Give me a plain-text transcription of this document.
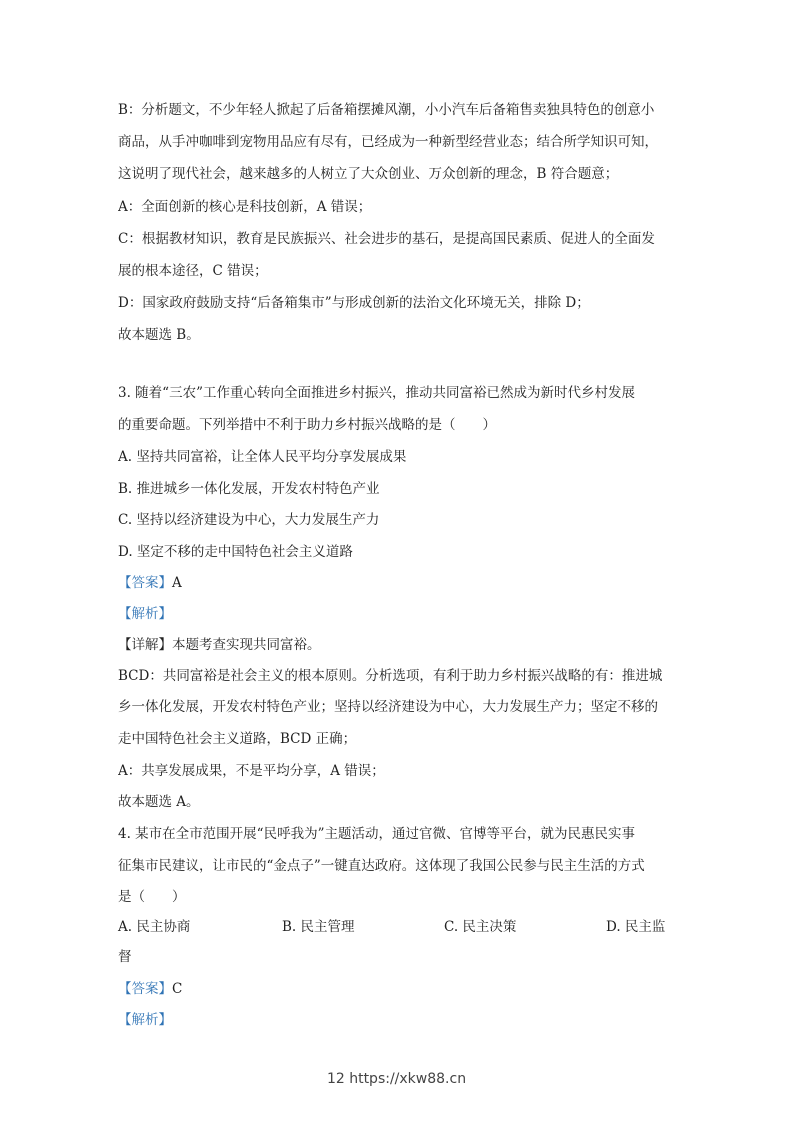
B：分析题文，不少年轻人掀起了后备箱摆摊风潮，小小汽车后备箱售卖独具特色的创意小
商品，从手冲咖啡到宠物用品应有尽有，已经成为一种新型经营业态；结合所学知识可知，
这说明了现代社会，越来越多的人树立了大众创业、万众创新的理念，B 符合题意；
A：全面创新的核心是科技创新，A 错误；
C：根据教材知识，教育是民族振兴、社会进步的基石，是提高国民素质、促进人的全面发
展的根本途径，C 错误；
D：国家政府鼓励支持“后备箱集市”与形成创新的法治文化环境无关，排除 D；
故本题选 B。
3. 随着“三农”工作重心转向全面推进乡村振兴，推动共同富裕已然成为新时代乡村发展
的重要命题。下列举措中不利于助力乡村振兴战略的是（　　）
A. 坚持共同富裕，让全体人民平均分享发展成果
B. 推进城乡一体化发展，开发农村特色产业
C. 坚持以经济建设为中心，大力发展生产力
D. 坚定不移的走中国特色社会主义道路
【答案】A
【解析】
【详解】本题考查实现共同富裕。
BCD：共同富裕是社会主义的根本原则。分析选项，有利于助力乡村振兴战略的有：推进城
乡一体化发展，开发农村特色产业；坚持以经济建设为中心，大力发展生产力；坚定不移的
走中国特色社会主义道路，BCD 正确；
A：共享发展成果，不是平均分享，A 错误；
故本题选 A。
4. 某市在全市范围开展“民呼我为”主题活动，通过官微、官博等平台，就为民惠民实事
征集市民建议，让市民的“金点子”一键直达政府。这体现了我国公民参与民主生活的方式
是（　　）
A. 民主协商	B. 民主管理	C. 民主决策	D. 民主监
督
【答案】C
【解析】
12 https://xkw88.cn
